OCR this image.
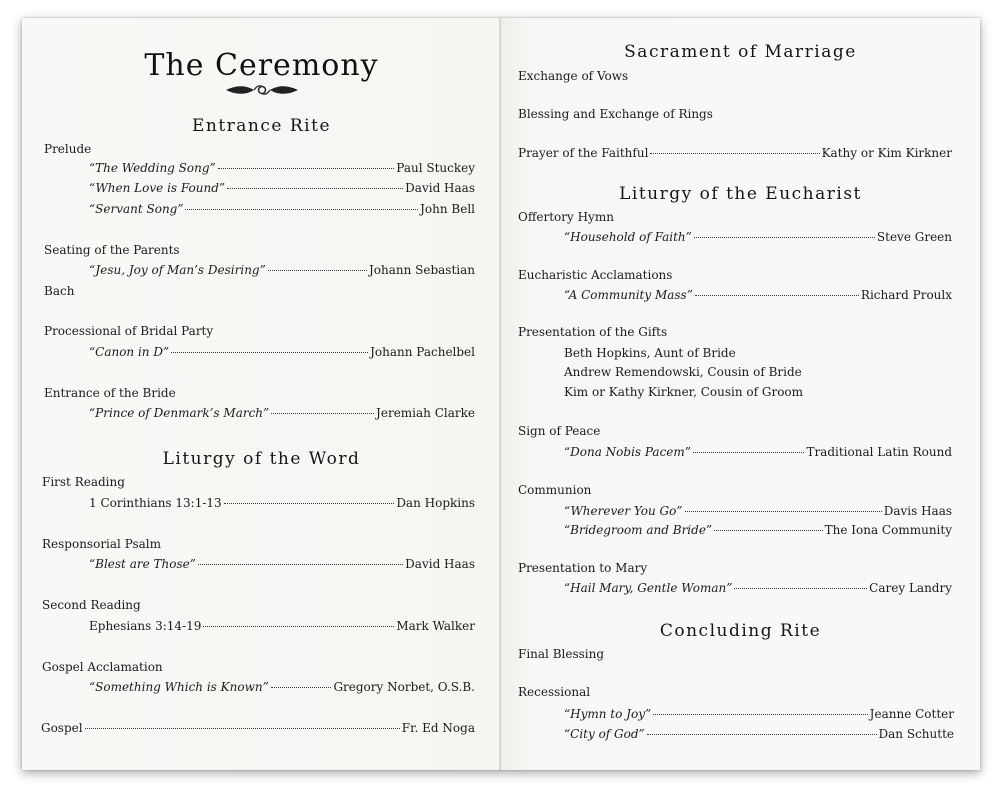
The Ceremony
Entrance Rite
Prelude
“The Wedding Song”	Paul Stuckey
“When Love is Found”	David Haas
“Servant Song”	John Bell
Seating of the Parents
“Jesu, Joy of Man’s Desiring”	Johann Sebastian
Bach
Processional of Bridal Party
“Canon in D”	Johann Pachelbel
Entrance of the Bride
“Prince of Denmark’s March”	Jeremiah Clarke
Liturgy of the Word
First Reading
1 Corinthians 13:1-13	Dan Hopkins
Responsorial Psalm
“Blest are Those”	David Haas
Second Reading
Ephesians 3:14-19	Mark Walker
Gospel Acclamation
“Something Which is Known”	Gregory Norbet, O.S.B.
Gospel	Fr. Ed Noga
Sacrament of Marriage
Exchange of Vows
Blessing and Exchange of Rings
Prayer of the Faithful	Kathy or Kim Kirkner
Liturgy of the Eucharist
Offertory Hymn
“Household of Faith”	Steve Green
Eucharistic Acclamations
“A Community Mass”	Richard Proulx
Presentation of the Gifts
Beth Hopkins, Aunt of Bride
Andrew Remendowski, Cousin of Bride
Kim or Kathy Kirkner, Cousin of Groom
Sign of Peace
“Dona Nobis Pacem”	Traditional Latin Round
Communion
“Wherever You Go”	Davis Haas
“Bridegroom and Bride”	The Iona Community
Presentation to Mary
“Hail Mary, Gentle Woman”	Carey Landry
Concluding Rite
Final Blessing
Recessional
“Hymn to Joy”	Jeanne Cotter
“City of God”	Dan Schutte
